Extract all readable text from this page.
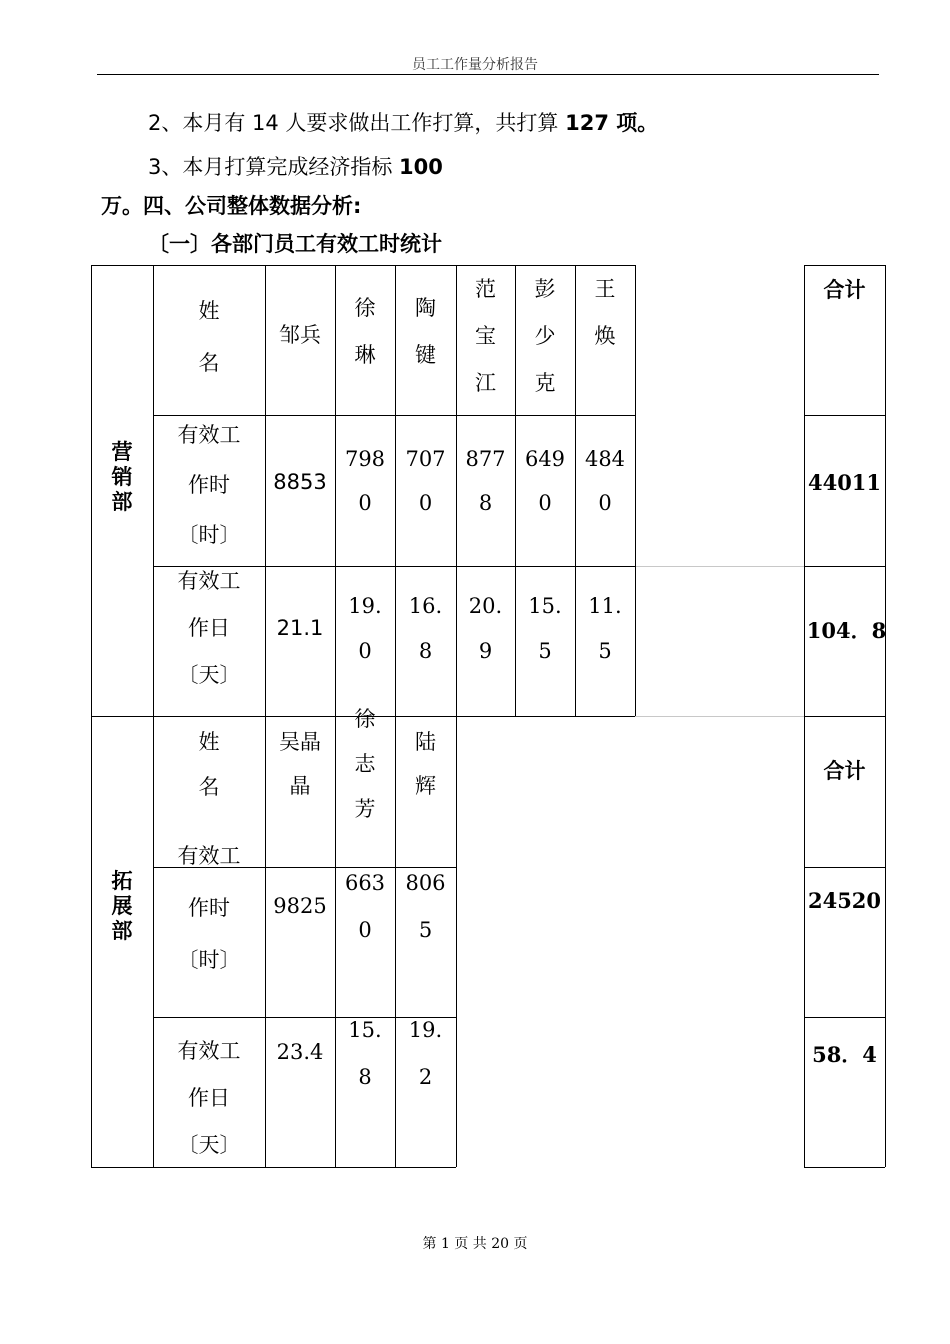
员工工作量分析报告
2、本月有 14 人要求做出工作打算，共打算 127 项。
3、本月打算完成经济指标 100
万。四、公司整体数据分析:
〔一〕各部门员工有效工时统计
营
销
部
拓
展
部
姓
名
有效工
作时
〔时〕
有效工
作日
〔天〕
邹兵
徐
琳
陶
键
范
宝
江
彭
少
克
王
焕
8853
798
0
707
0
877
8
649
0
484
0
21.1
19.
0
16.
8
20.
9
15.
5
11.
5
姓
名
有效工
作时
〔时〕
有效工
作日
〔天〕
吴晶
晶
徐
志
芳
陆
辉
9825
663
0
806
5
23.4
15.
8
19.
2
合计
44011
104．8
合计
24520
58．4
第 1 页 共 20 页
